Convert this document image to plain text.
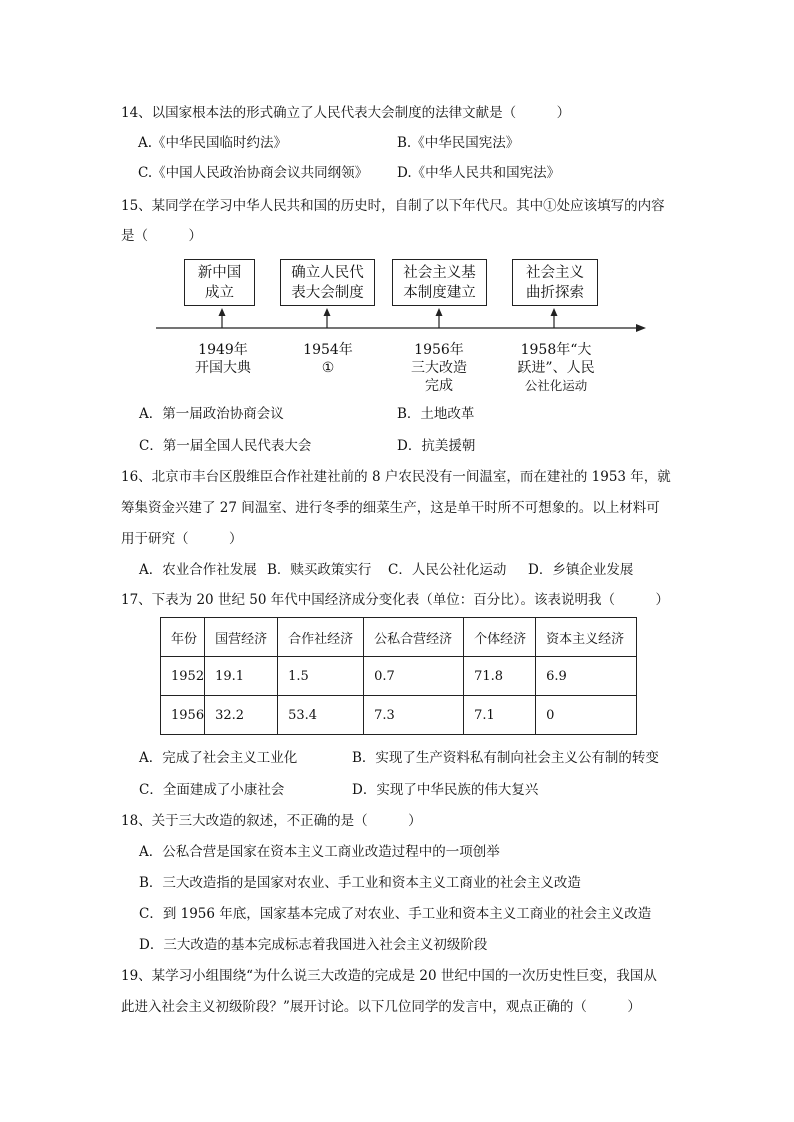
14、以国家根本法的形式确立了人民代表大会制度的法律文献是（　　　）
A.《中华民国临时约法》	B.《中华民国宪法》
C.《中国人民政治协商会议共同纲领》 D.《中华人民共和国宪法》
15、某同学在学习中华人民共和国的历史时，自制了以下年代尺。其中①处应该填写的内容
是（　　　）
新中国
成立
确立人民代
表大会制度
社会主义基
本制度建立
社会主义
曲折探索
1949年
开国大典
1954年
①
1956年
三大改造
完成
1958年“大
跃进”、人民
公社化运动
A．第一届政治协商会议	B．土地改革
C．第一届全国人民代表大会	D．抗美援朝
16、北京市丰台区殷维臣合作社建社前的 8 户农民没有一间温室，而在建社的 1953 年，就
筹集资金兴建了 27 间温室、进行冬季的细菜生产，这是单干时所不可想象的。以上材料可
用于研究（　　　）
A．农业合作社发展 B．赎买政策实行 C．人民公社化运动 D．乡镇企业发展
17、下表为 20 世纪 50 年代中国经济成分变化表（单位：百分比）。该表说明我（　　　）
年份	国营经济	合作社经济	公私合营经济	个体经济	资本主义经济
1952	19.1	1.5	0.7	71.8	6.9
1956	32.2	53.4	7.3	7.1	0
A．完成了社会主义工业化	B．实现了生产资料私有制向社会主义公有制的转变
C．全面建成了小康社会	D．实现了中华民族的伟大复兴
18、关于三大改造的叙述，不正确的是（　　　）
A．公私合营是国家在资本主义工商业改造过程中的一项创举
B．三大改造指的是国家对农业、手工业和资本主义工商业的社会主义改造
C．到 1956 年底，国家基本完成了对农业、手工业和资本主义工商业的社会主义改造
D．三大改造的基本完成标志着我国进入社会主义初级阶段
19、某学习小组围绕“为什么说三大改造的完成是 20 世纪中国的一次历史性巨变，我国从
此进入社会主义初级阶段？”展开讨论。以下几位同学的发言中，观点正确的（　　　）
